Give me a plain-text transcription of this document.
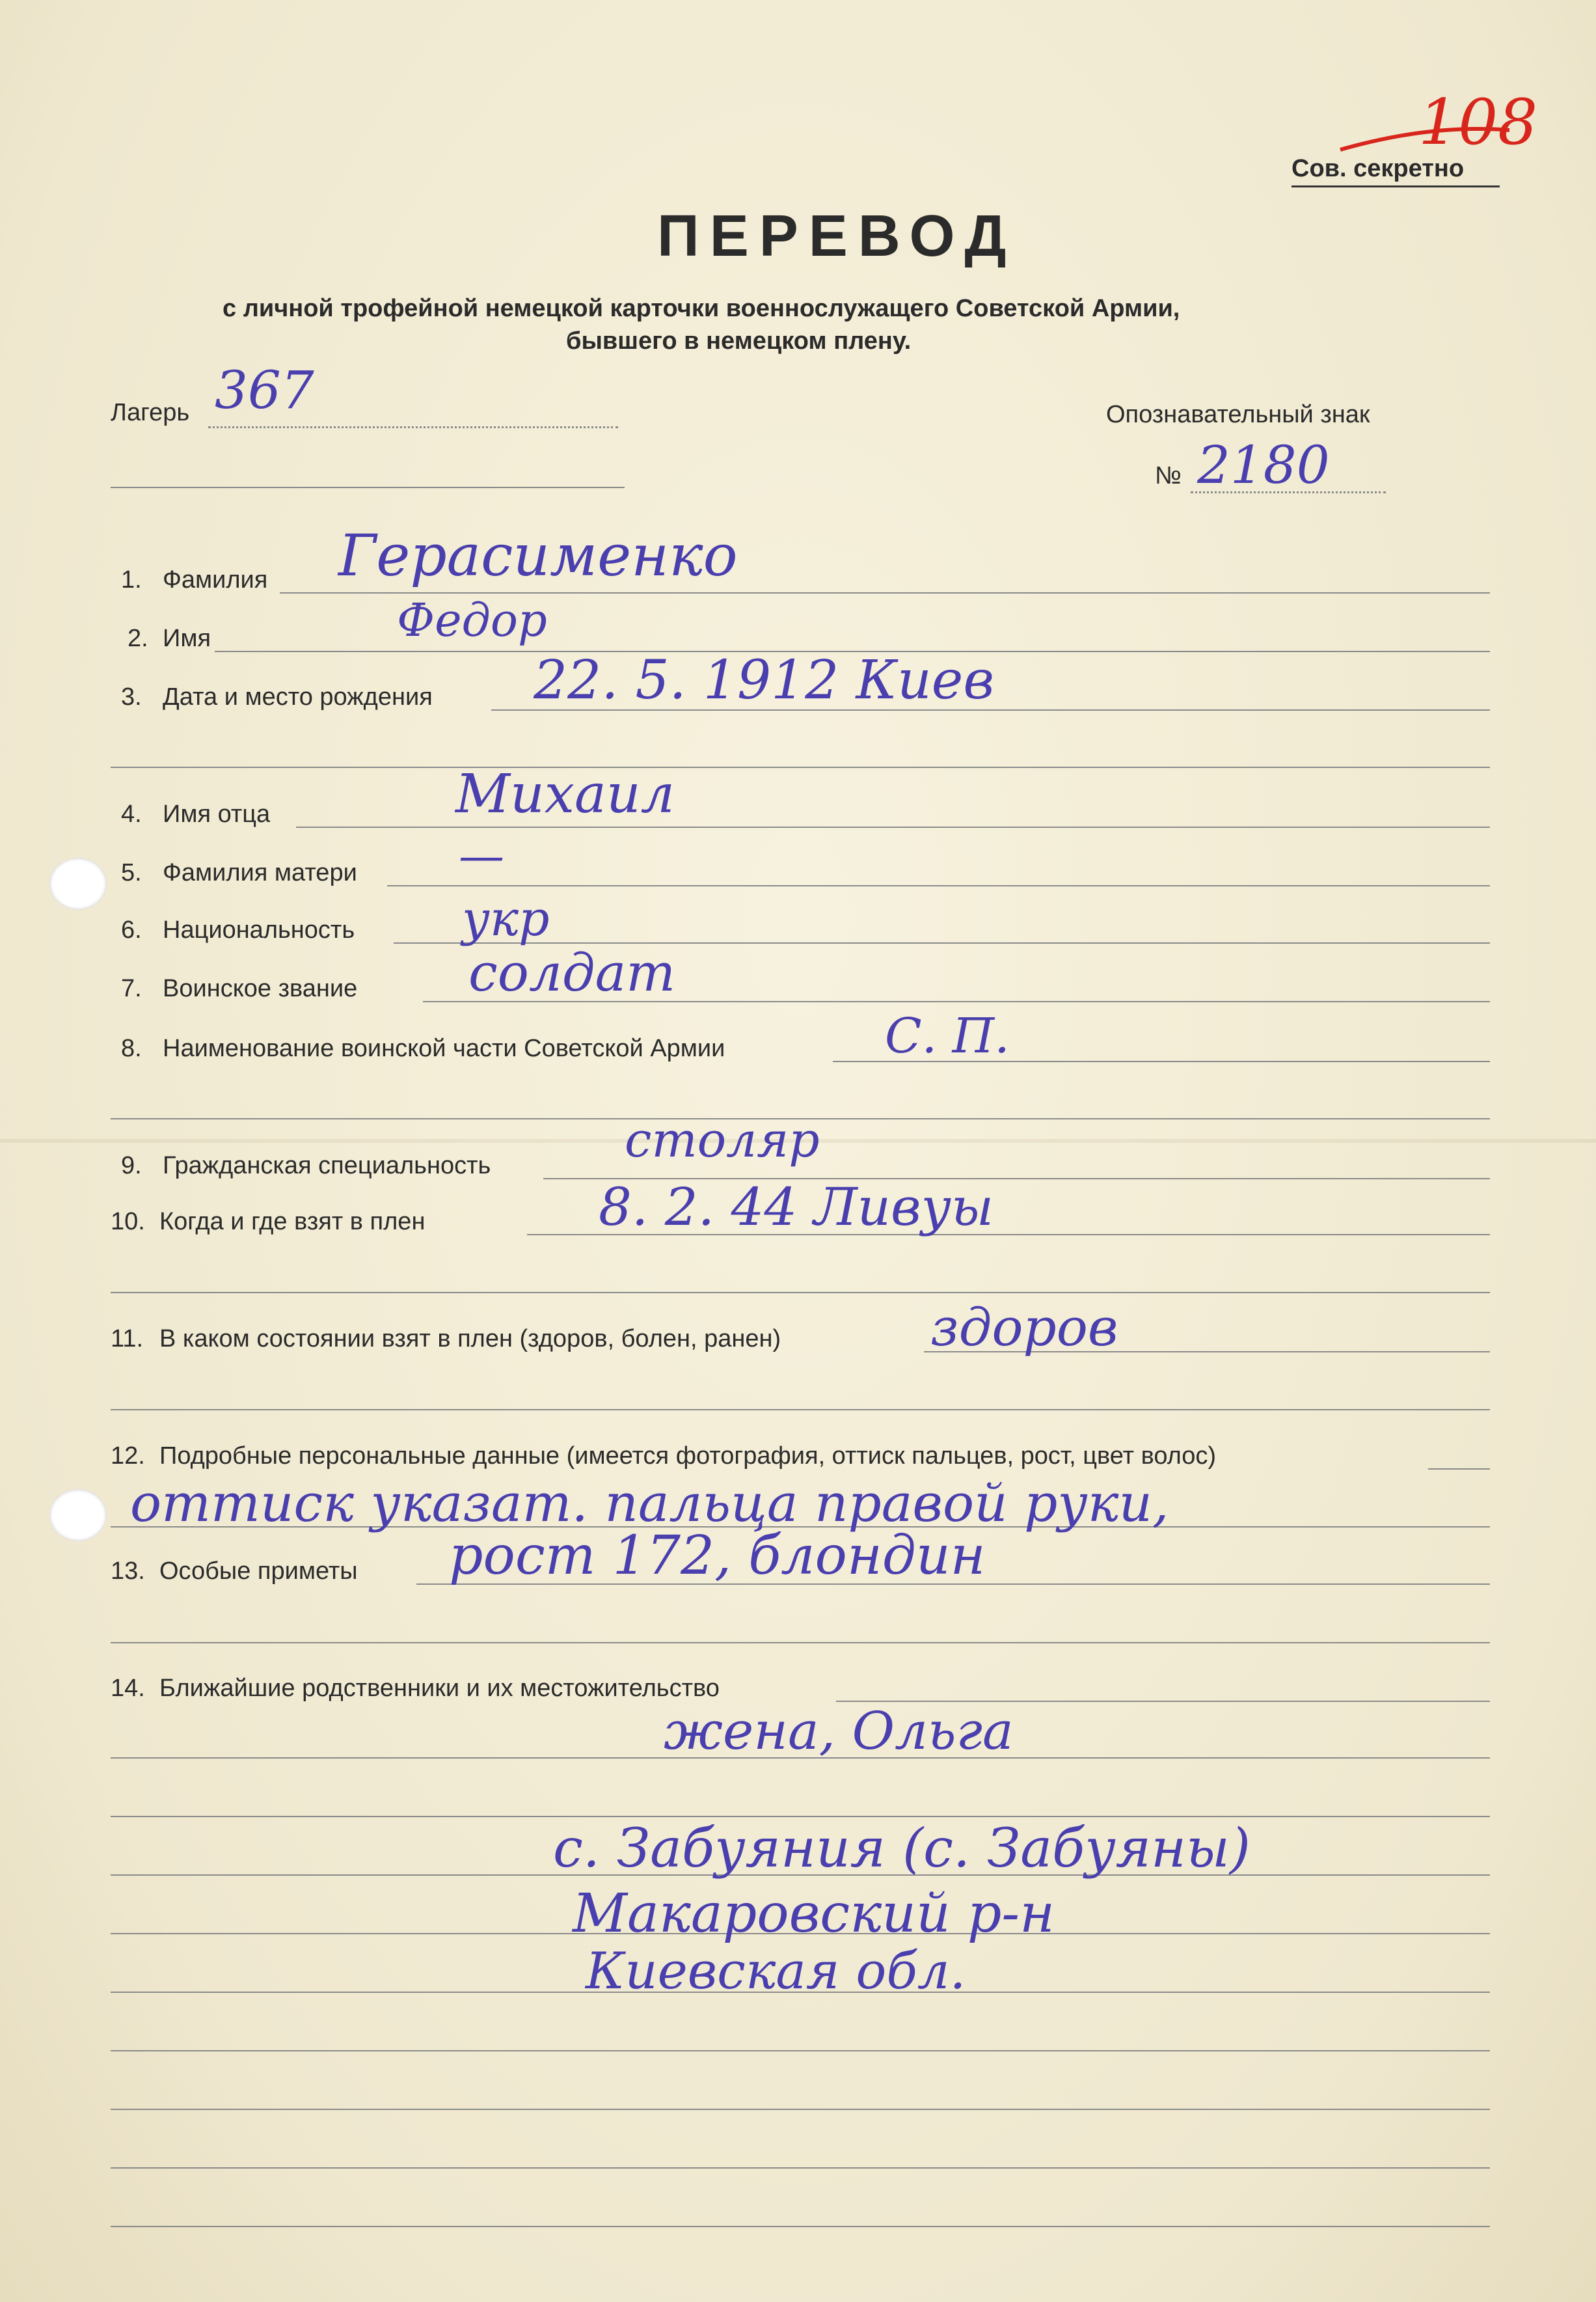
108
Сов. секретно
ПЕРЕВОД
с личной трофейной немецкой карточки военнослужащего Советской Армии,
бывшего в немецком плену.
Лагерь 367	Опознавательный знак
№ 2180
1. Фамилия Герасименко
2. Имя	Федор
3. Дата и место рождения 22. 5. 1912 Киев
4. Имя отца	Михаил
5. Фамилия матери —
6. Национальность укр
7. Воинское звание солдат
8. Наименование воинской части Советской Армии	С. П.
9. Гражданская специальность	столяр
10. Когда и где взят в плен	8. 2. 44 Ливуы
11. В каком состоянии взят в плен (здоров, болен, ранен)	здоров
12. Подробные персональные данные (имеется фотография, оттиск пальцев, рост, цвет волос)
оттиск указат. пальца правой руки,
13. Особые приметы рост 172, блондин
14. Ближайшие родственники и их местожительство
жена, Ольга
с. Забуяния (с. Забуяны)
Макаровский р-н
Киевская обл.
